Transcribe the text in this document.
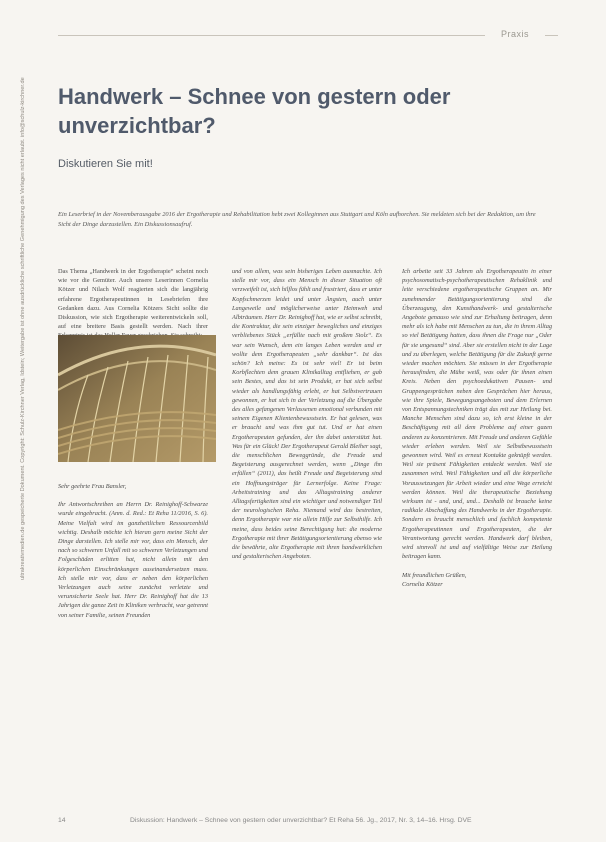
Praxis
ultrakreativmedien.de gespeicherte Dokument. Copyright: Schulz-Kirchner Verlag, Idstein; Weitergabe ist ohne ausdrückliche schriftliche Genehmigung des Verlages nicht erlaubt. info@schulz-kirchner.de Handwerk – Schnee von gestern oder unverzichtbar?
Diskutieren Sie mit!
Ein Leserbrief in der Novemberausgabe 2016 der Ergotherapie und Rehabilitation hebt zwei Kolleginnen aus Stuttgart und Köln aufhorchen. Sie meldeten sich bei der Redaktion, um ihre Sicht der Dinge darzustellen. Ein Diskussionsaufruf.

Das Thema „Handwerk in der Ergotherapie“ scheint noch wie vor die Gemüter. Auch unsere Leserinnen Cornelia Kötzer und Nilach Wolf reagierten sich die langjährig erfahrene Ergotherapeutinnen in Lesebriefen ihre Gedanken dazu. Aus Cornelia Kötzers Sicht sollte die Diskussion, wie sich Ergotherapie weiterentwickeln soll, auf eine breitere Basis gestellt werden. Nach ihrer

Sehr geehrte Frau Bansler,

Ihr Antwortschreiben an Herrn Dr. Reinighoff-Schwarze wurde eingebracht. (Anm. d. Red.: Et Reha 11/2016, S. 6). Meine Vielfalt wird im ganzheitlichen Ressourcenbild wichtig. Deshalb möchte ich hieran gern meine Sicht der Dinge darstellen. Ich stelle mir vor, dass ein Mensch, der nach so schweren Unfall mit so schweren Verletzungen und Folgeschäden erlitten hat, nicht allein mit den körperlichen Einschränkungen auseinandersetzen muss. Ich stelle mir vor, dass er neben den körperlichen Verletzungen auch seine zunächst verletzte und verunsicherte Seele hat. Herr Dr. Reinighoff hat die 13 Jahrigen die ganze Zeit in Kliniken verbracht, war getrennt von seiner Familie, seinen Freunden

und von allem, was sein bisheriges Leben ausmachte. Ich stelle mir vor, dass ein Mensch in dieser Situation oft verzweifelt ist, sich hilflos fühlt und frustriert, dass er unter Kopfschmerzen leidet und unter Ängsten, auch unter Langeweile und möglicherweise unter Heimweh und Albträumen. Herr Dr. Reinighoff hat, wie er selbst schreibt, die Kontraktur, die sein einziger bewegliches und einziges verbliebenes Stück „erfüllte nach mit großem Stolz“. Es war sein Wunsch, dem ein langes Leben werden und er wollte dem Ergotherapeuten „sehr dankbar“. Ist das schön? Ich meine: Es ist sehr viel! Er ist beim Korbflechten dem grauen Klinikalltag entfliehen, er gab sein Bestes, und das ist sein Produkt, er hat sich selbst wieder als handlungsfähig erlebt, er hat Selbstvertrauen gewonnen, er hat sich in der Verletzung auf die Übergabe des alles gefangenen Verlassenen emotional verbunden mit seinem Eigenen Klientenbewusstsein. Er hat gelesen, was er braucht und was ihm gut tut. Und er hat einen Ergotherapeuten gefunden, der ihn dabei unterstützt hat. Was für ein Glück! Der Ergotherapeut Gerald Bleiher sagt, die menschlichen Beweggründe, die Freude und Begeisterung ausgerechnet werden, wenn „Dinge ihn erfüllen“ (2011), das heißt Freude und Begeisterung sind ein Hoffnungsträger für Lernerfolge. Keine Frage: Arbeitstraining und das Alltagstraining anderer Alltagsfertigkeiten sind ein wichtiger und notwendiger Teil der neurologischen Reha. Niemand wird das bestreiten, denn Ergotherapie war nie allein Hilfe zur Selbsthilfe. Ich meine, dass beides seine Berechtigung hat: die moderne Ergotherapie mit ihrer Betätigungsorientierung ebenso wie die bewährte, alte Ergotherapie mit ihren handwerklichen und gestalterischen Angeboten.

Ich arbeite seit 33 Jahren als Ergotherapeutin in einer psychosomatisch-psychotherapeutischen Rehaklinik und leite verschiedene ergotherapeutische Gruppen an. Mir zunehmender Betätigungsorientierung sind die Überzeugung, den Kunsthandwerk- und gestalterische Angebote genauso wie sind zur Erhaltung beitragen, denn mehr als ich habe mit Menschen zu tun, die in ihrem Alltag so viel Betätigung hatten, dass ihnen die Frage nur „Oder für sie ungesund“ sind. Aber sie erstellen nicht in der Lage und zu überlegen, welche Betätigung für die Zukunft gerne wieder machen möchten. Sie müssen in der Ergotherapie herausfinden, die Mühe weiß, was oder für ihnen einen Kreis. Neben den psychoedukativen Pausen- und Gruppengesprächen neben den Gesprächen hier heraus, wie ihre Spiele, Bewegungsangeboten und dem Erlernen von Entspannungstechniken trägt das mit zur Heilung bei. Manche Menschen sind dazu so, ich erst kleine in der Beschäftigung mit all dem Probleme auf einer gazen anderen zu konzentrieren. Mit Freude und anderen Gefühle wieder erleben werden. Weil sie Selbstbewusstsein gewonnen wird. Weil es erneut Kontakte geknüpft werden. Weil sie präsent Fähigkeiten entdeckt werden. Weil sie zusammen wird. Weil Fähigkeiten und all die körperliche Voraussetzungen für Arbeit wieder und eine Wege erreicht werden können. Weil die therapeutische Beziehung wirksam ist - und, und, und... Deshalb ist brauche keine radikale Abschaffung des Handwerks in der Ergotherapie. Sondern es braucht menschlich und fachlich kompetente Ergotherapeutinnen und Ergotherapeuten, die der Verantwortung gerecht werden. Handwerk darf bleiben, wird sinnvoll ist und auf vielfältige Weise zur Heilung beitragen kann.

Mit freundlichen Grüßen,

Cornelia Kötzer

14	Diskussion: Handwerk – Schnee von gestern oder unverzichtbar? Et Reha 56. Jg., 2017, Nr. 3, 14–16. Hrsg. DVE
